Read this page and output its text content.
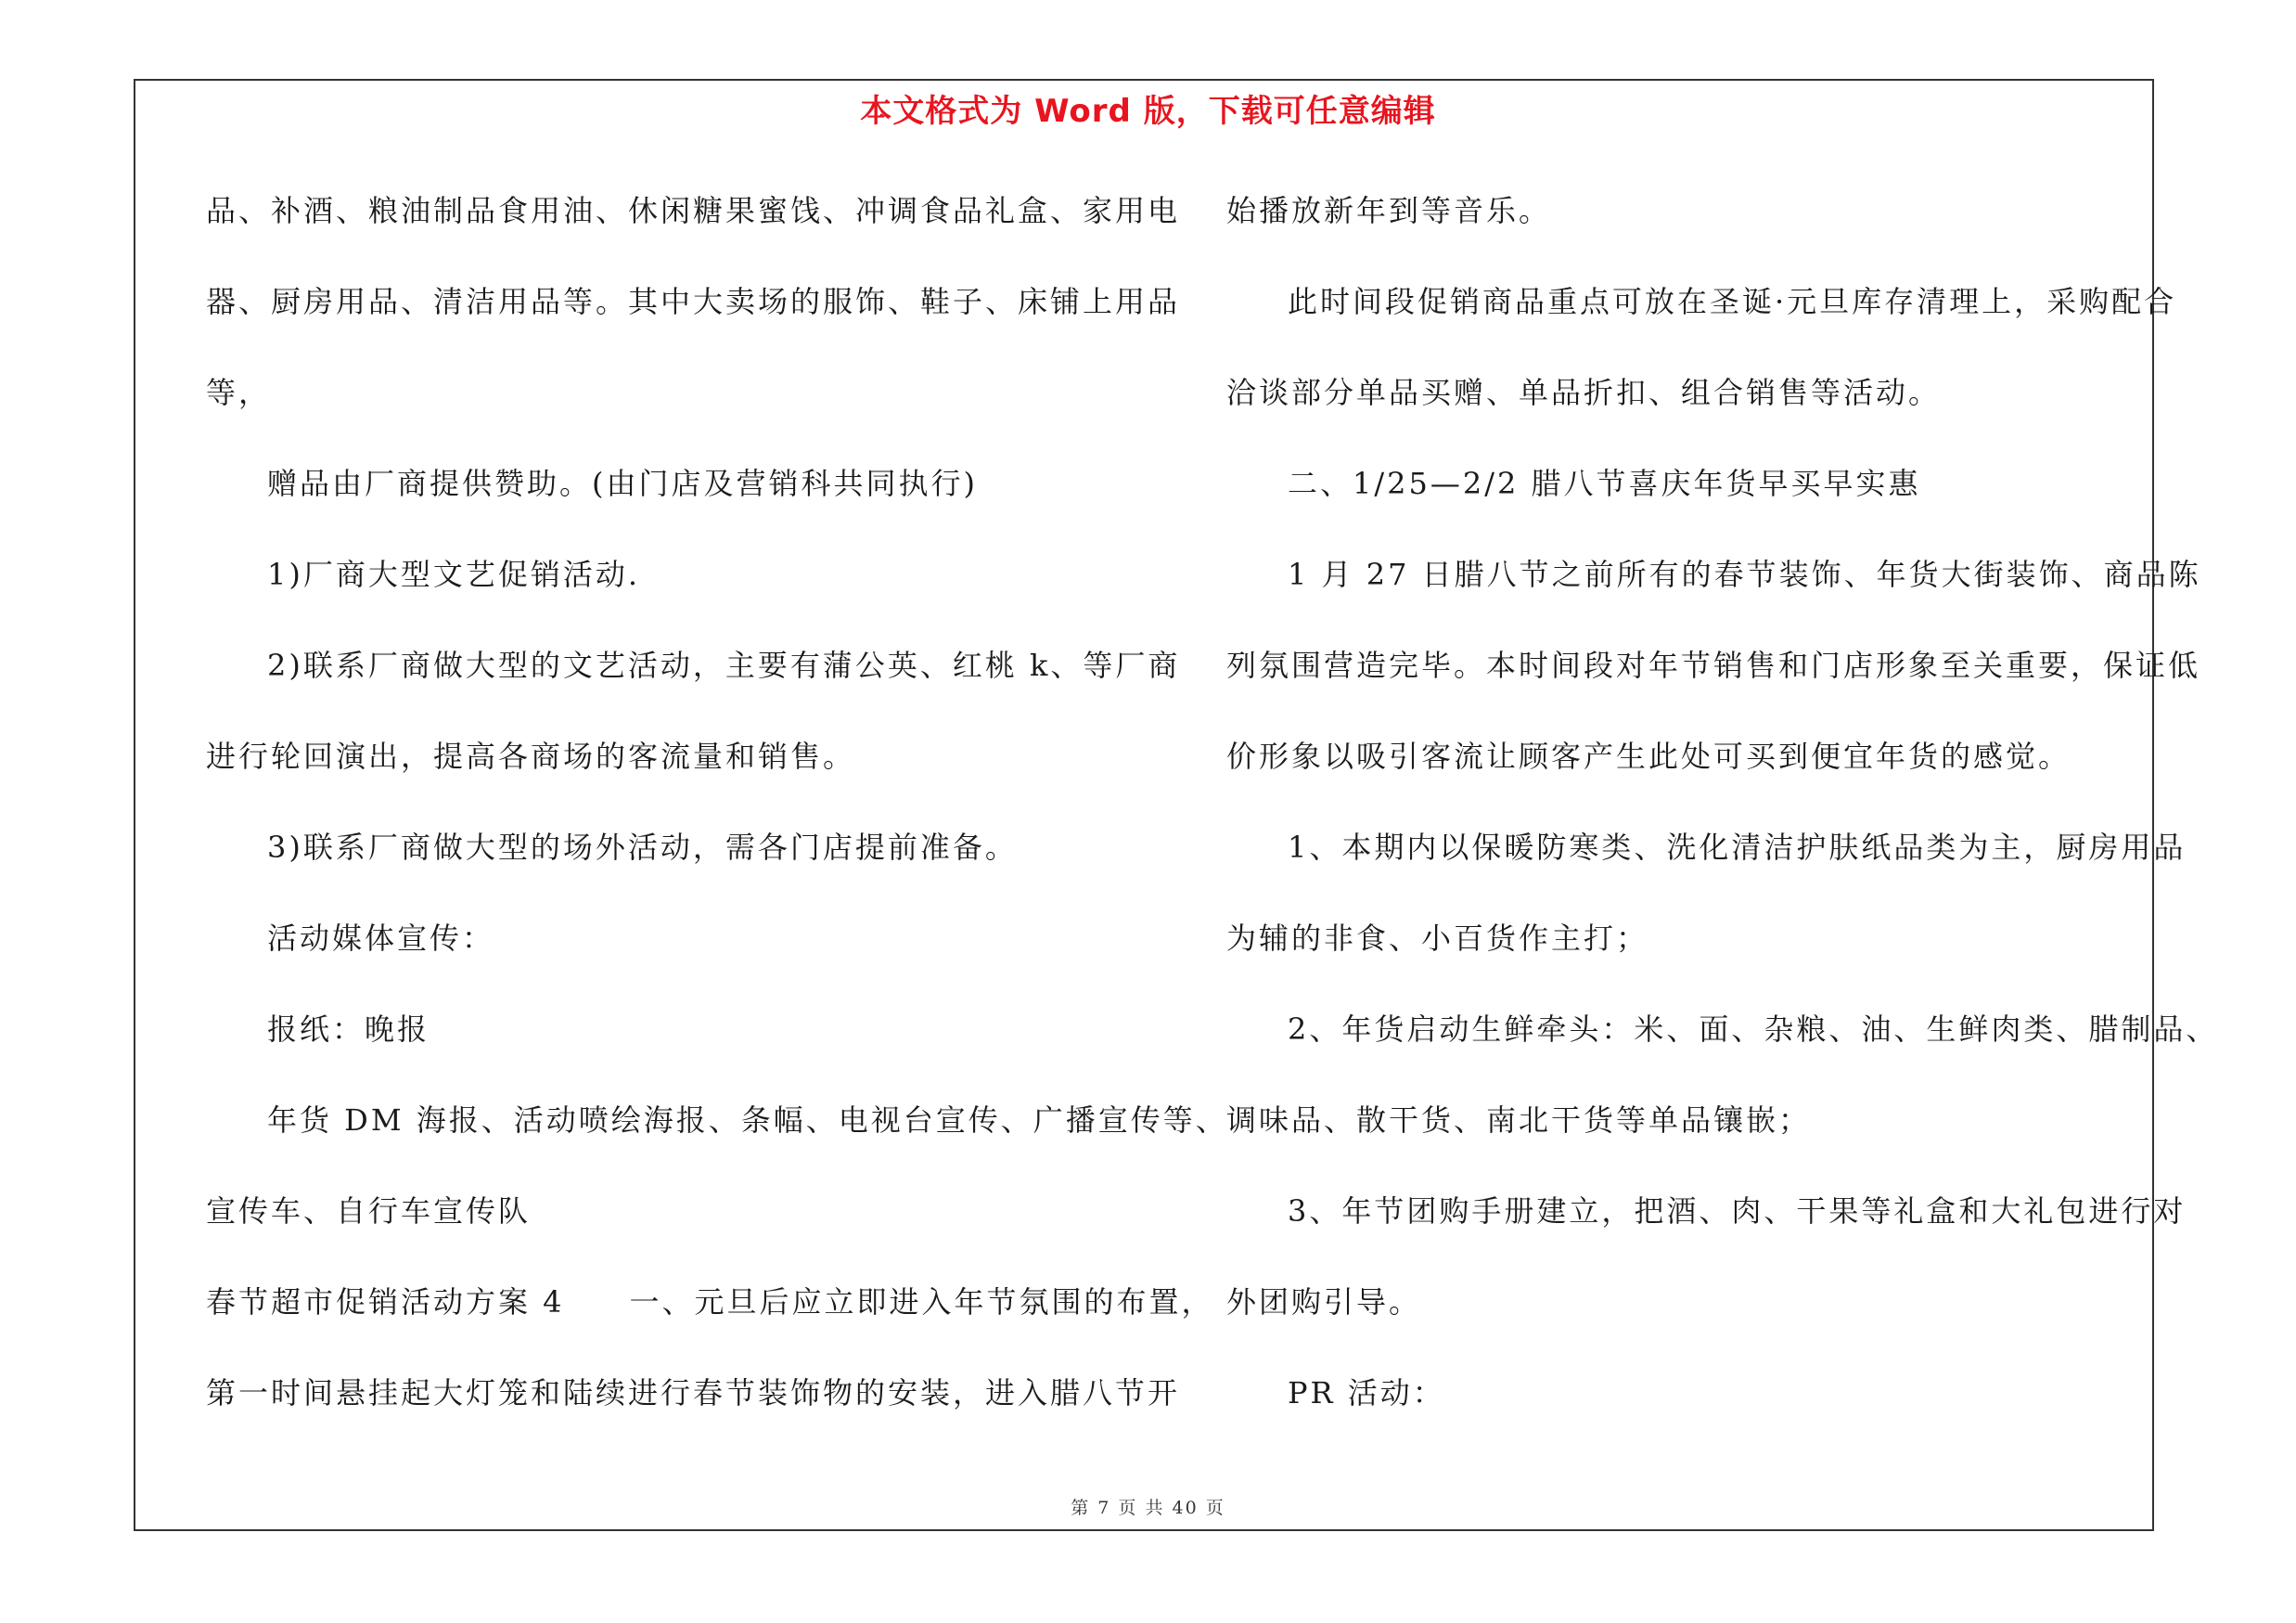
本文格式为 Word 版，下载可任意编辑
品、补酒、粮油制品食用油、休闲糖果蜜饯、冲调食品礼盒、家用电
器、厨房用品、清洁用品等。其中大卖场的服饰、鞋子、床铺上用品
等，
赠品由厂商提供赞助。(由门店及营销科共同执行)
1)厂商大型文艺促销活动.
2)联系厂商做大型的文艺活动，主要有蒲公英、红桃 k、等厂商
进行轮回演出，提高各商场的客流量和销售。
3)联系厂商做大型的场外活动，需各门店提前准备。
活动媒体宣传：
报纸：晚报
年货 DM 海报、活动喷绘海报、条幅、电视台宣传、广播宣传等、
宣传车、自行车宣传队
春节超市促销活动方案 4　　一、元旦后应立即进入年节氛围的布置，
第一时间悬挂起大灯笼和陆续进行春节装饰物的安装，进入腊八节开
始播放新年到等音乐。
此时间段促销商品重点可放在圣诞·元旦库存清理上，采购配合
洽谈部分单品买赠、单品折扣、组合销售等活动。
二、1/25—2/2 腊八节喜庆年货早买早实惠
1 月 27 日腊八节之前所有的春节装饰、年货大街装饰、商品陈
列氛围营造完毕。本时间段对年节销售和门店形象至关重要，保证低
价形象以吸引客流让顾客产生此处可买到便宜年货的感觉。
1、本期内以保暖防寒类、洗化清洁护肤纸品类为主，厨房用品
为辅的非食、小百货作主打；
2、年货启动生鲜牵头：米、面、杂粮、油、生鲜肉类、腊制品、
调味品、散干货、南北干货等单品镶嵌；
3、年节团购手册建立，把酒、肉、干果等礼盒和大礼包进行对
外团购引导。
PR 活动：
第 7 页 共 40 页
